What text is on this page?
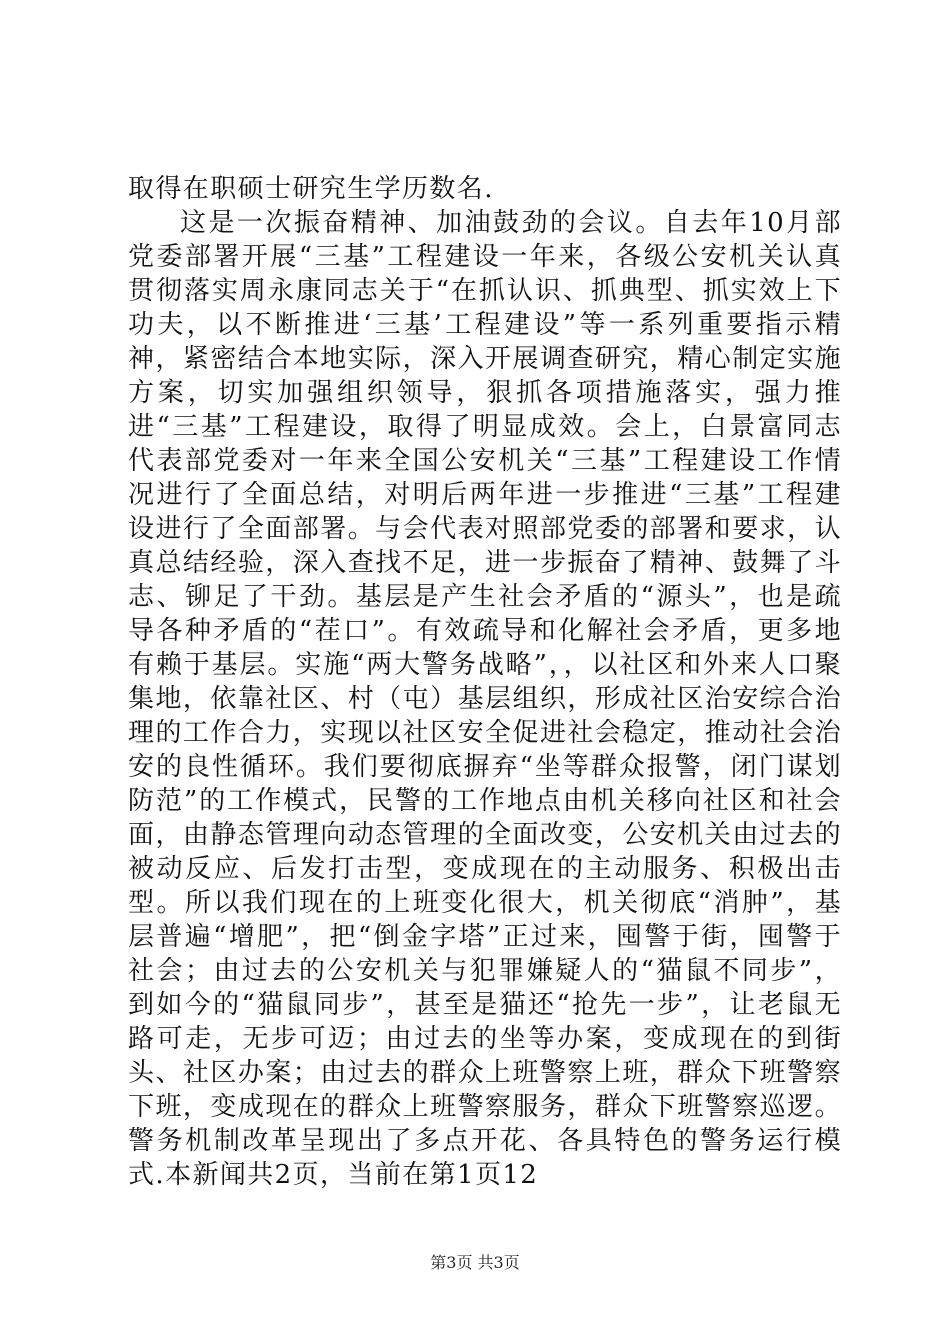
取得在职硕士研究生学历数名.

这是一次振奋精神、加油鼓劲的会议。自去年10月部党委部署开展“三基”工程建设一年来，各级公安机关认真贯彻落实周永康同志关于“在抓认识、抓典型、抓实效上下功夫，以不断推进‘三基’工程建设”等一系列重要指示精神，紧密结合本地实际，深入开展调查研究，精心制定实施方案，切实加强组织领导，狠抓各项措施落实，强力推进“三基”工程建设，取得了明显成效。会上，白景富同志代表部党委对一年来全国公安机关“三基”工程建设工作情况进行了全面总结，对明后两年进一步推进“三基”工程建设进行了全面部署。与会代表对照部党委的部署和要求，认真总结经验，深入查找不足，进一步振奋了精神、鼓舞了斗志、铆足了干劲。基层是产生社会矛盾的“源头”，也是疏导各种矛盾的“茬口”。有效疏导和化解社会矛盾，更多地有赖于基层。实施“两大警务战略”，，以社区和外来人口聚集地，依靠社区、村（屯）基层组织，形成社区治安综合治理的工作合力，实现以社区安全促进社会稳定，推动社会治安的良性循环。我们要彻底摒弃“坐等群众报警，闭门谋划防范”的工作模式，民警的工作地点由机关移向社区和社会面，由静态管理向动态管理的全面改变，公安机关由过去的被动反应、后发打击型，变成现在的主动服务、积极出击型。所以我们现在的上班变化很大，机关彻底“消肿”，基层普遍“增肥”，把“倒金字塔”正过来，囤警于街，囤警于社会；由过去的公安机关与犯罪嫌疑人的“猫鼠不同步”，到如今的“猫鼠同步”，甚至是猫还“抢先一步”，让老鼠无路可走，无步可迈；由过去的坐等办案，变成现在的到街头、社区办案；由过去的群众上班警察上班，群众下班警察下班，变成现在的群众上班警察服务，群众下班警察巡逻。警务机制改革呈现出了多点开花、各具特色的警务运行模式.本新闻共2页，当前在第1页12

第3页 共3页
